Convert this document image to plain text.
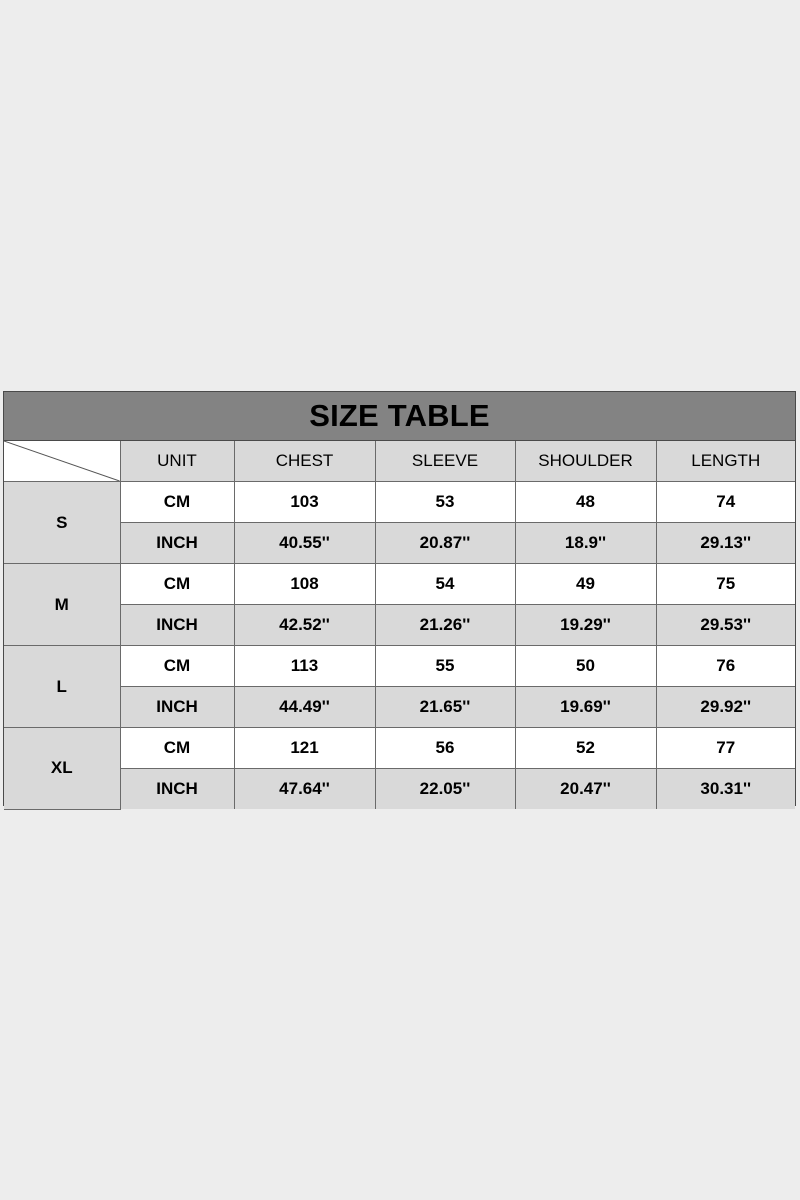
SIZE TABLE
	UNIT	CHEST	SLEEVE	SHOULDER	LENGTH
S	CM	103	53	48	74
	INCH	40.55''	20.87''	18.9''	29.13''
M	CM	108	54	49	75
	INCH	42.52''	21.26''	19.29''	29.53''
L	CM	113	55	50	76
	INCH	44.49''	21.65''	19.69''	29.92''
XL	CM	121	56	52	77
	INCH	47.64''	22.05''	20.47''	30.31''
